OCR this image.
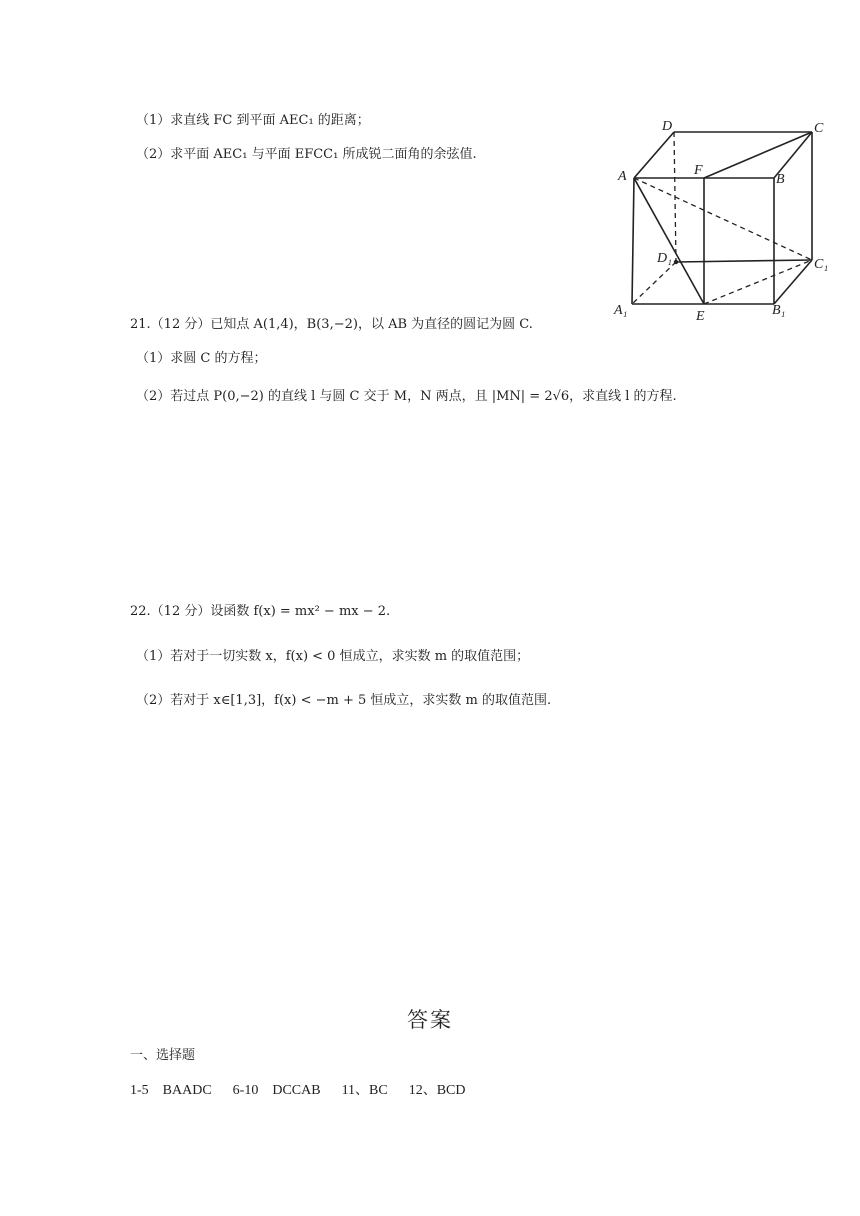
（1）求直线 FC 到平面 AEC₁ 的距离；
（2）求平面 AEC₁ 与平面 EFCC₁ 所成锐二面角的余弦值.
D	C
A	F
B
D₁	C₁
A₁	E	B₁
21.（12 分）已知点 A(1,4)，B(3,−2)，以 AB 为直径的圆记为圆 C.
（1）求圆 C 的方程；
（2）若过点 P(0,−2) 的直线 l 与圆 C 交于 M，N 两点，且 |MN| = 2√6，求直线 l 的方程.
22.（12 分）设函数 f(x) = mx² − mx − 2.
（1）若对于一切实数 x，f(x) < 0 恒成立，求实数 m 的取值范围；
（2）若对于 x∈[1,3]，f(x) < −m + 5 恒成立，求实数 m 的取值范围.
答案
一、选择题
1-5    BAADC      6-10    DCCAB      11、BC      12、BCD
